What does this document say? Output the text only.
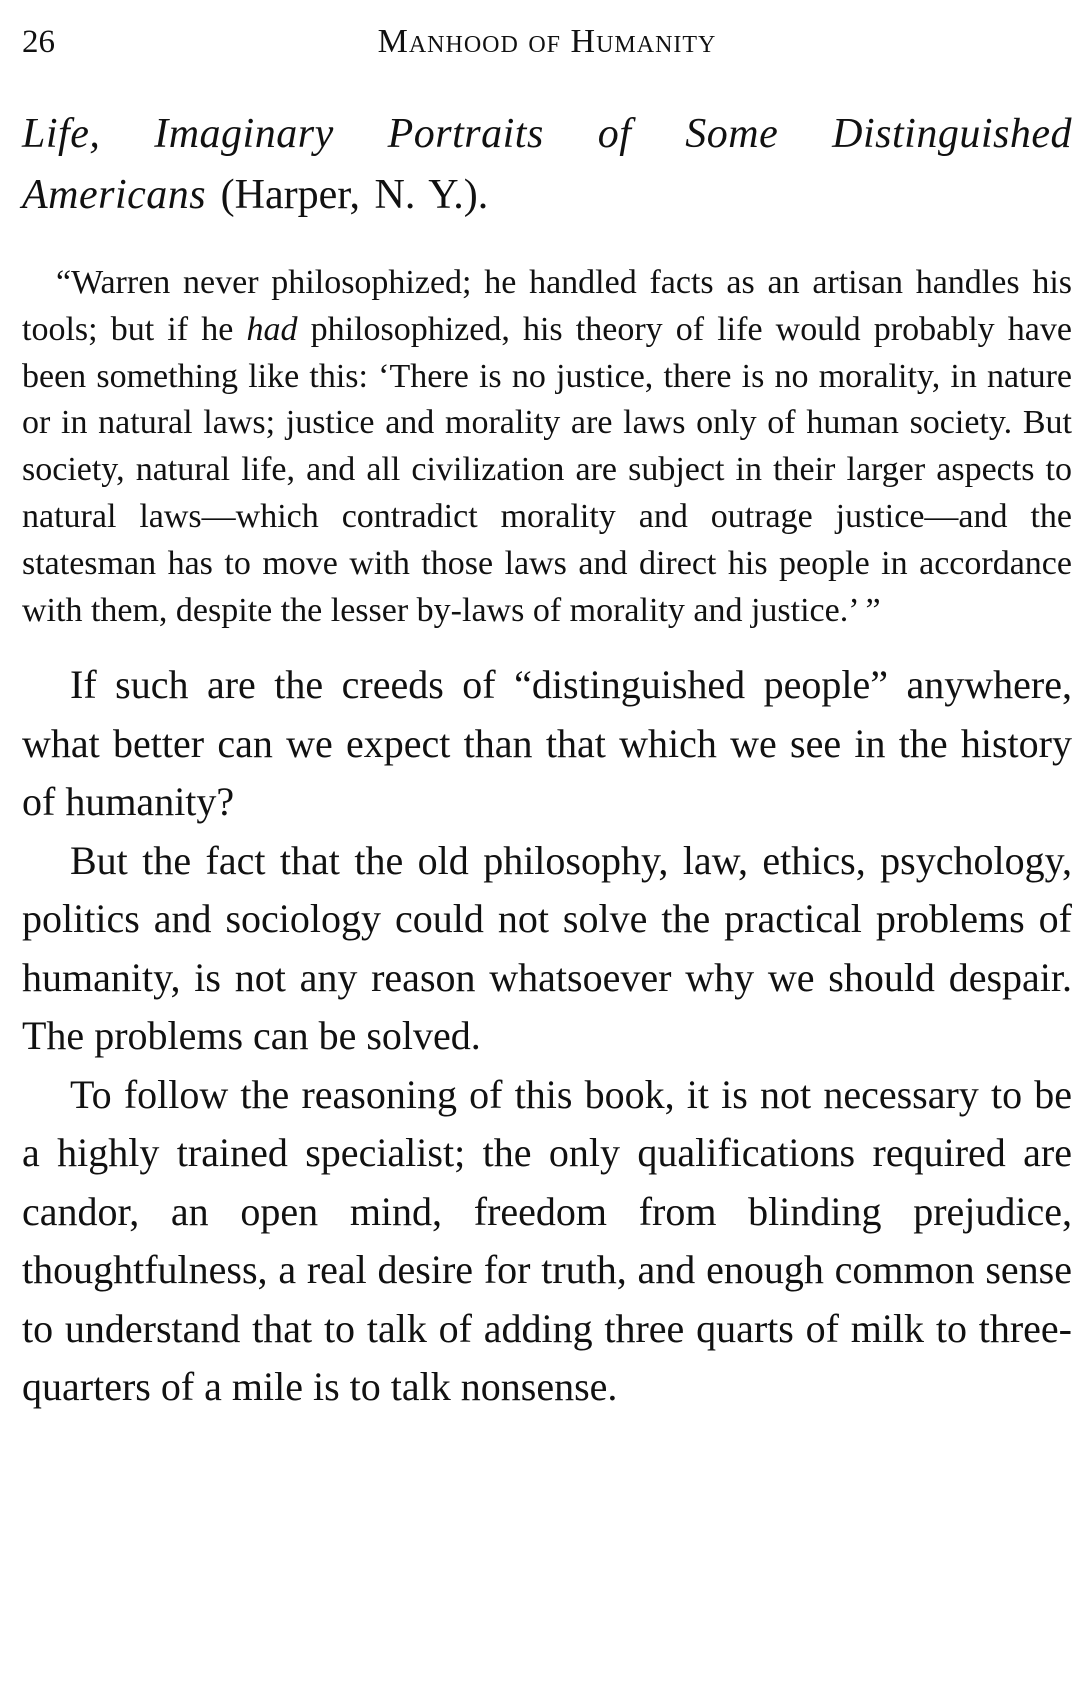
26	Manhood of Humanity
Life, Imaginary Portraits of Some Distinguished Americans (Harper, N. Y.).

“Warren never philosophized; he handled facts as an artisan handles his tools; but if he had philosophized, his theory of life would probably have been something like this: ‘There is no justice, there is no morality, in nature or in natural laws; justice and morality are laws only of human society. But society, natural life, and all civilization are subject in their larger aspects to natural laws—which contradict morality and outrage justice—and the statesman has to move with those laws and direct his people in accordance with them, despite the lesser by-laws of morality and justice.’ ”

If such are the creeds of “distinguished people” anywhere, what better can we expect than that which we see in the history of humanity?

But the fact that the old philosophy, law, ethics, psychology, politics and sociology could not solve the practical problems of humanity, is not any reason whatsoever why we should despair. The problems can be solved.

To follow the reasoning of this book, it is not necessary to be a highly trained specialist; the only qualifications required are candor, an open mind, freedom from blinding prejudice, thoughtfulness, a real desire for truth, and enough common sense to understand that to talk of adding three quarts of milk to three-quarters of a mile is to talk nonsense.
